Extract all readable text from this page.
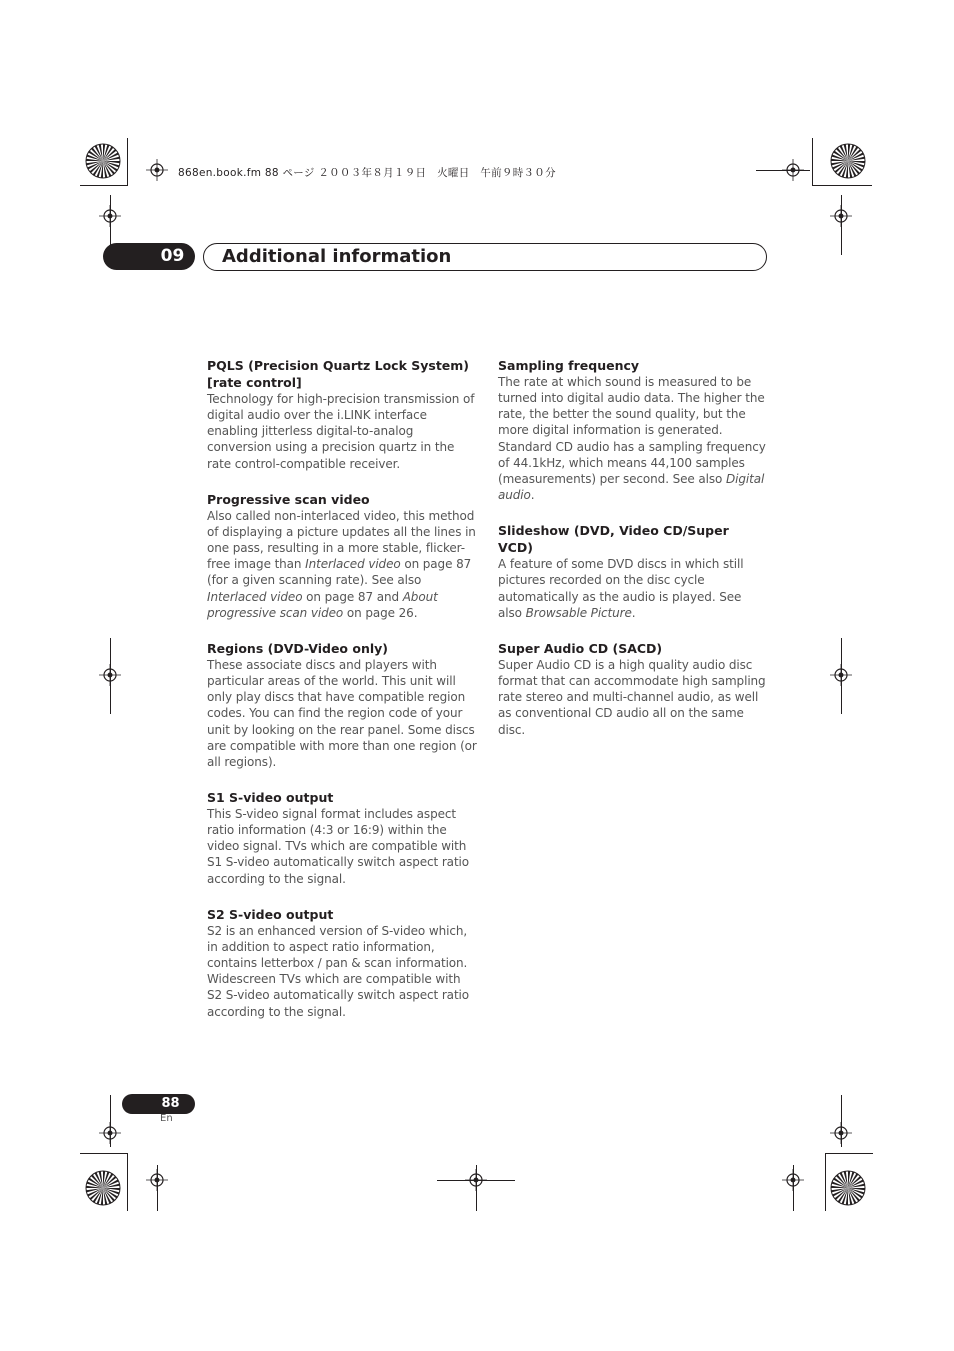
868en.book.fm 88 ページ ２００３年８月１９日　火曜日　午前９時３０分
09	Additional information
PQLS (Precision Quartz Lock System) [rate control]

Technology for high-precision transmission of digital audio over the i.LINK interface enabling jitterless digital-to-analog conversion using a precision quartz in the rate control-compatible receiver.

Progressive scan video

Also called non-interlaced video, this method of displaying a picture updates all the lines in one pass, resulting in a more stable, flicker-free image than Interlaced video on page 87 (for a given scanning rate). See also Interlaced video on page 87 and About progressive scan video on page 26.

Regions (DVD-Video only)

These associate discs and players with particular areas of the world. This unit will only play discs that have compatible region codes. You can find the region code of your unit by looking on the rear panel. Some discs are compatible with more than one region (or all regions).

S1 S-video output

This S-video signal format includes aspect ratio information (4:3 or 16:9) within the video signal. TVs which are compatible with S1 S-video automatically switch aspect ratio according to the signal.

S2 S-video output

S2 is an enhanced version of S-video which, in addition to aspect ratio information, contains letterbox / pan & scan information. Widescreen TVs which are compatible with S2 S-video automatically switch aspect ratio according to the signal.

Sampling frequency

The rate at which sound is measured to be turned into digital audio data. The higher the rate, the better the sound quality, but the more digital information is generated. Standard CD audio has a sampling frequency of 44.1kHz, which means 44,100 samples (measurements) per second. See also Digital audio.

Slideshow (DVD, Video CD/Super VCD)

A feature of some DVD discs in which still pictures recorded on the disc cycle automatically as the audio is played. See also Browsable Picture.

Super Audio CD (SACD)

Super Audio CD is a high quality audio disc format that can accommodate high sampling rate stereo and multi-channel audio, as well as conventional CD audio all on the same disc.

88
En
